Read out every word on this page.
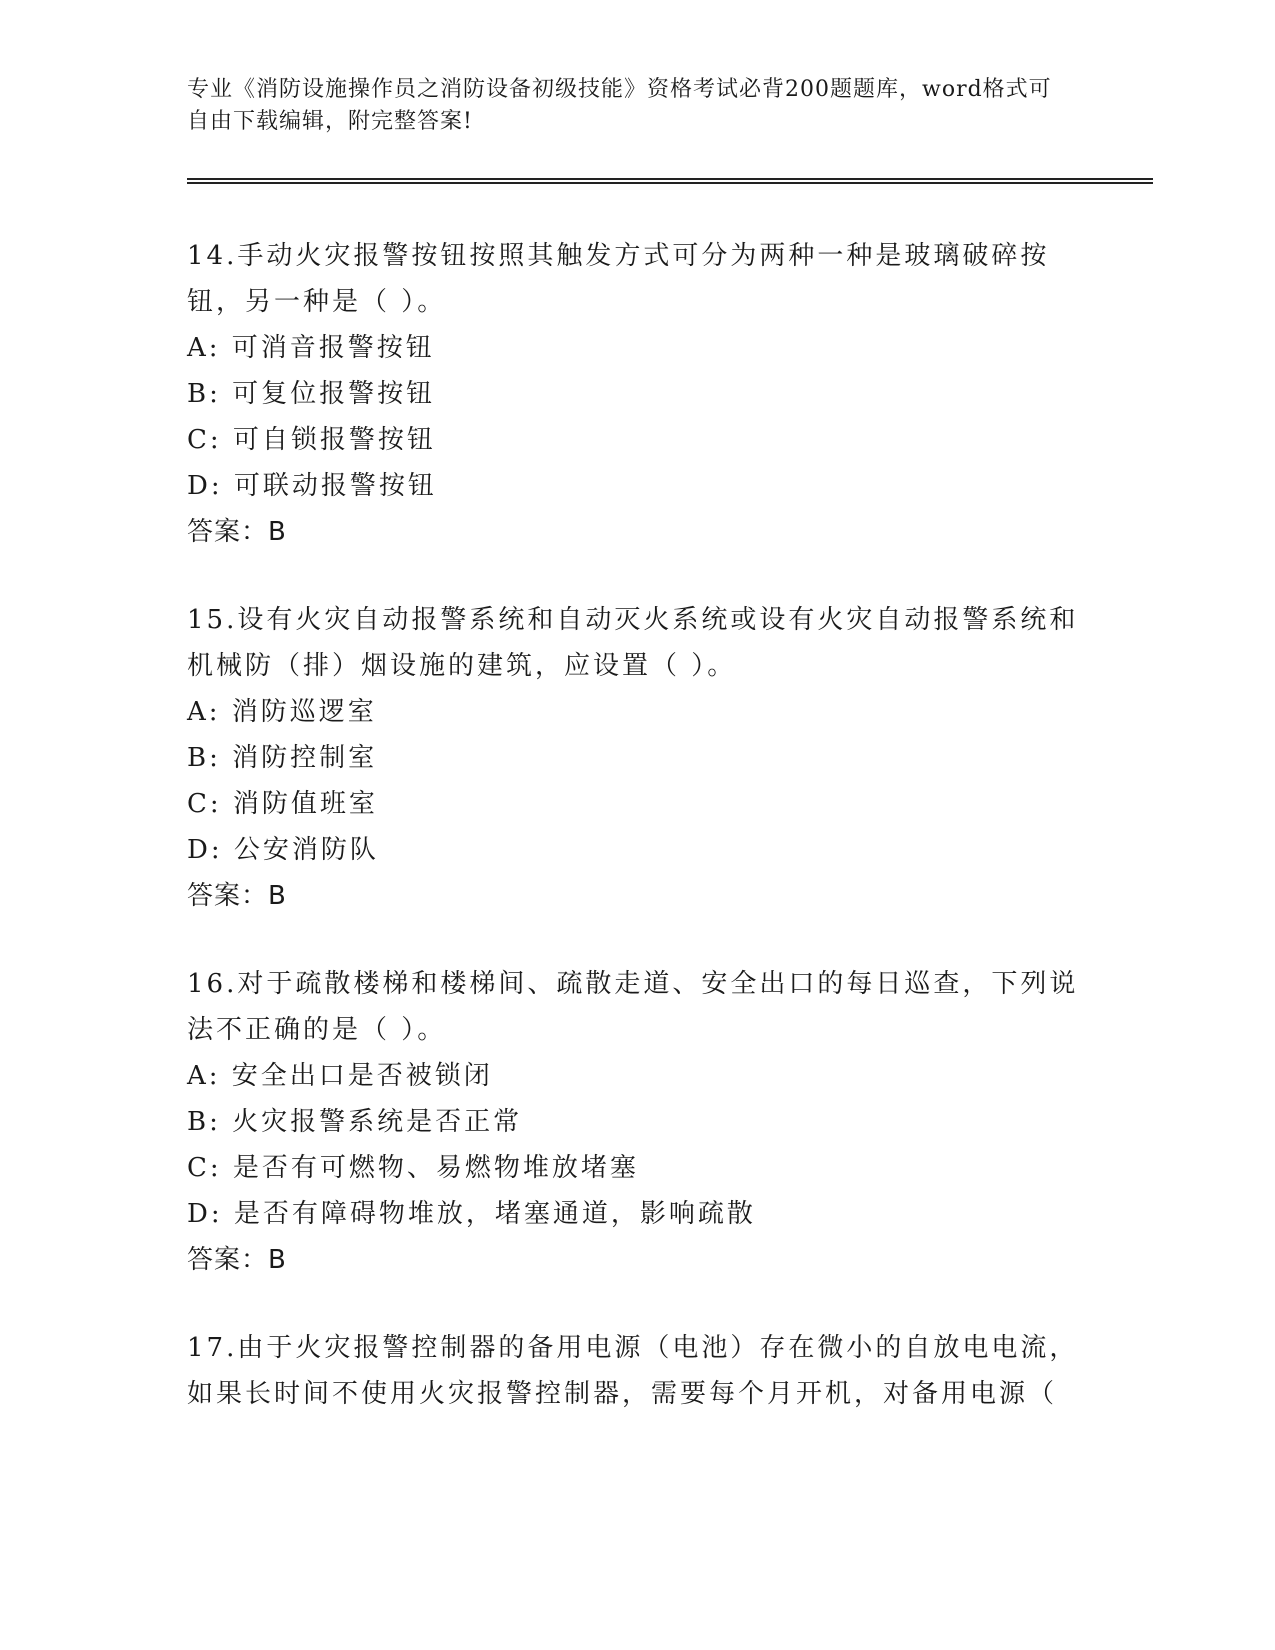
专业《消防设施操作员之消防设备初级技能》资格考试必背200题题库，word格式可自由下载编辑，附完整答案!

14.手动火灾报警按钮按照其触发方式可分为两种一种是玻璃破碎按钮，另一种是（ ）。

A: 可消音报警按钮

B: 可复位报警按钮

C: 可自锁报警按钮

D: 可联动报警按钮

答案：B

15.设有火灾自动报警系统和自动灭火系统或设有火灾自动报警系统和机械防（排）烟设施的建筑，应设置（ ）。

A: 消防巡逻室

B: 消防控制室

C: 消防值班室

D: 公安消防队

答案：B

16.对于疏散楼梯和楼梯间、疏散走道、安全出口的每日巡查，下列说法不正确的是（ ）。

A: 安全出口是否被锁闭

B: 火灾报警系统是否正常

C: 是否有可燃物、易燃物堆放堵塞

D: 是否有障碍物堆放，堵塞通道，影响疏散

答案：B

17.由于火灾报警控制器的备用电源（电池）存在微小的自放电电流，如果长时间不使用火灾报警控制器，需要每个月开机，对备用电源（
